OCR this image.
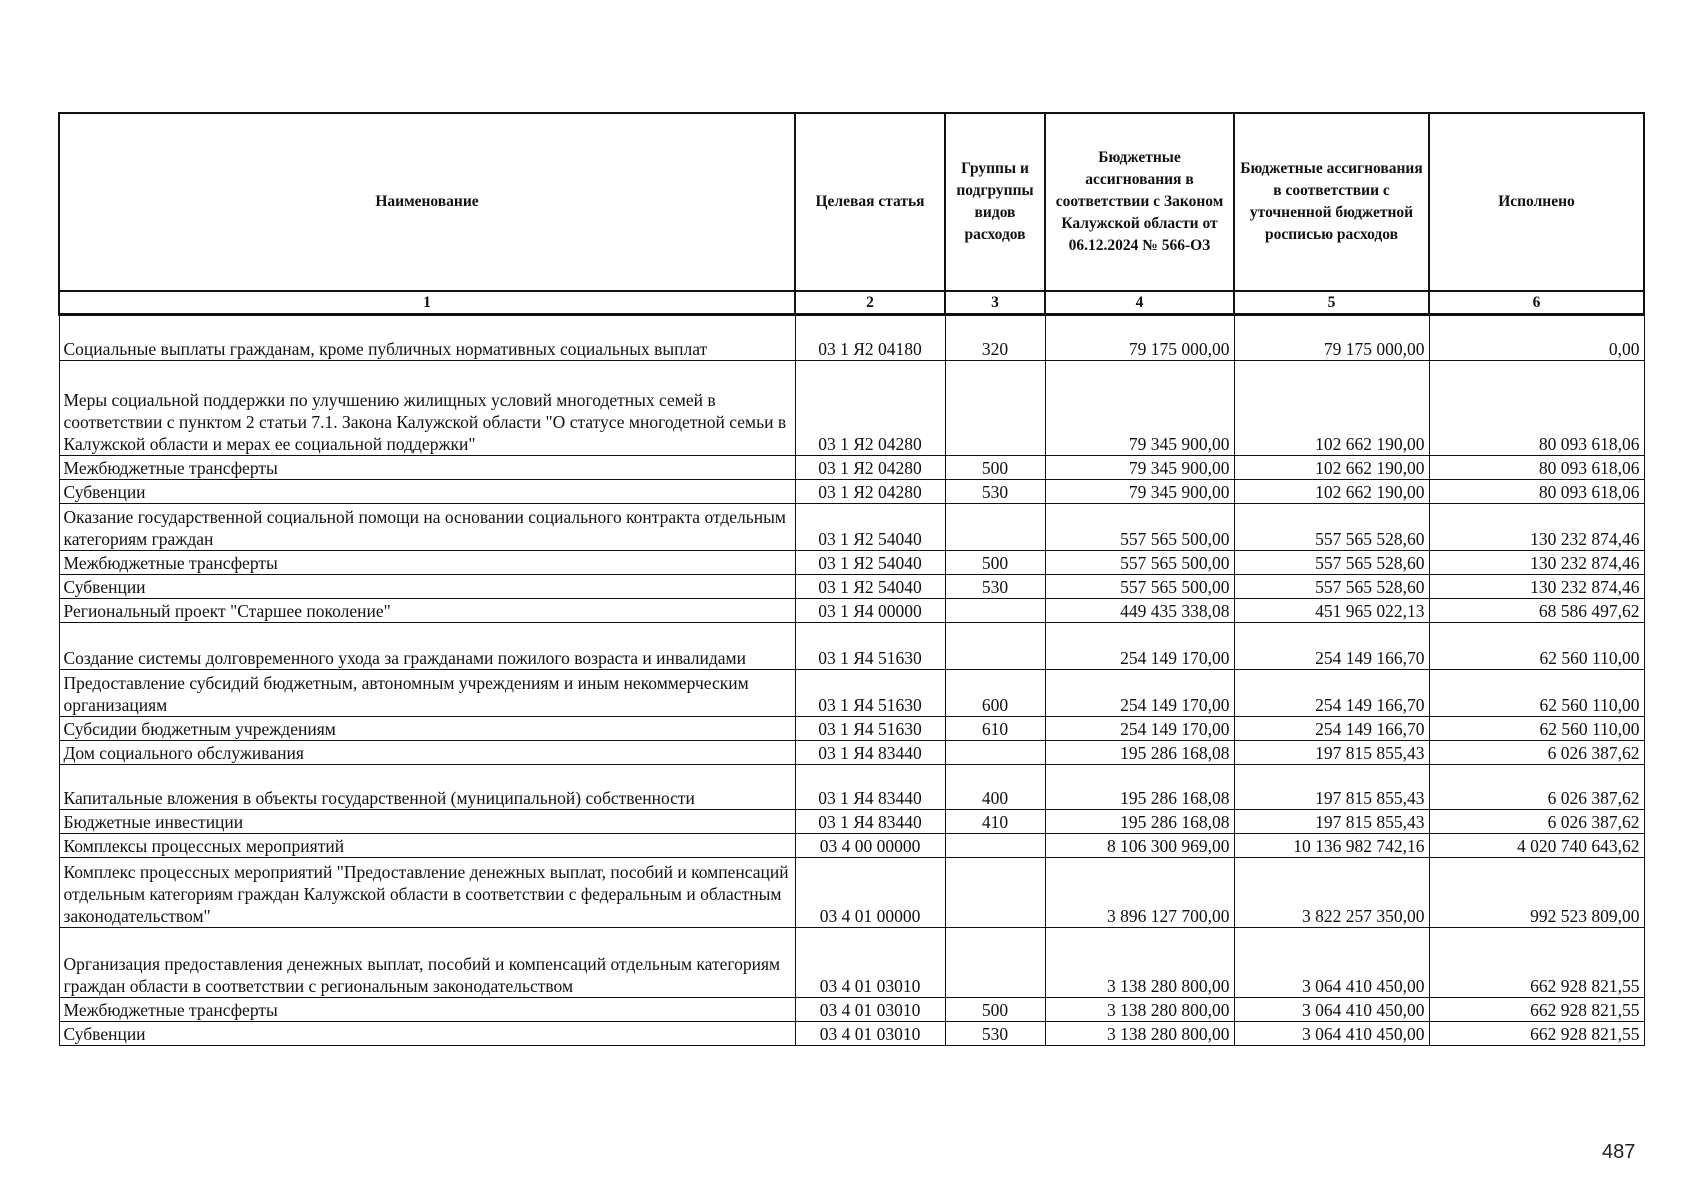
Наименование	Целевая статья	Группы и подгруппы видов расходов	Бюджетные ассигнования в соответствии с Законом Калужской области от 06.12.2024 № 566-ОЗ	Бюджетные ассигнования в соответствии с уточненной бюджетной росписью расходов	Исполнено
1	2	3	4	5	6
Социальные выплаты гражданам, кроме публичных нормативных социальных выплат	03 1 Я2 04180	320	79 175 000,00	79 175 000,00	0,00
Меры социальной поддержки по улучшению жилищных условий многодетных семей в соответствии с пунктом 2 статьи 7.1. Закона Калужской области "О статусе многодетной семьи в Калужской области и мерах ее социальной поддержки"	03 1 Я2 04280		79 345 900,00	102 662 190,00	80 093 618,06
Межбюджетные трансферты	03 1 Я2 04280	500	79 345 900,00	102 662 190,00	80 093 618,06
Субвенции	03 1 Я2 04280	530	79 345 900,00	102 662 190,00	80 093 618,06
Оказание государственной социальной помощи на основании социального контракта отдельным категориям граждан	03 1 Я2 54040		557 565 500,00	557 565 528,60	130 232 874,46
Межбюджетные трансферты	03 1 Я2 54040	500	557 565 500,00	557 565 528,60	130 232 874,46
Субвенции	03 1 Я2 54040	530	557 565 500,00	557 565 528,60	130 232 874,46
Региональный проект "Старшее поколение"	03 1 Я4 00000		449 435 338,08	451 965 022,13	68 586 497,62
Создание системы долговременного ухода за гражданами пожилого возраста и инвалидами	03 1 Я4 51630		254 149 170,00	254 149 166,70	62 560 110,00
Предоставление субсидий бюджетным, автономным учреждениям и иным некоммерческим организациям	03 1 Я4 51630	600	254 149 170,00	254 149 166,70	62 560 110,00
Субсидии бюджетным учреждениям	03 1 Я4 51630	610	254 149 170,00	254 149 166,70	62 560 110,00
Дом социального обслуживания	03 1 Я4 83440		195 286 168,08	197 815 855,43	6 026 387,62
Капитальные вложения в объекты государственной (муниципальной) собственности	03 1 Я4 83440	400	195 286 168,08	197 815 855,43	6 026 387,62
Бюджетные инвестиции	03 1 Я4 83440	410	195 286 168,08	197 815 855,43	6 026 387,62
Комплексы процессных мероприятий	03 4 00 00000		8 106 300 969,00	10 136 982 742,16	4 020 740 643,62
Комплекс процессных мероприятий "Предоставление денежных выплат, пособий и компенсаций отдельным категориям граждан Калужской области в соответствии с федеральным и областным законодательством"	03 4 01 00000		3 896 127 700,00	3 822 257 350,00	992 523 809,00
Организация предоставления денежных выплат, пособий и компенсаций отдельным категориям граждан области в соответствии с региональным законодательством	03 4 01 03010		3 138 280 800,00	3 064 410 450,00	662 928 821,55
Межбюджетные трансферты	03 4 01 03010	500	3 138 280 800,00	3 064 410 450,00	662 928 821,55
Субвенции	03 4 01 03010	530	3 138 280 800,00	3 064 410 450,00	662 928 821,55
487
